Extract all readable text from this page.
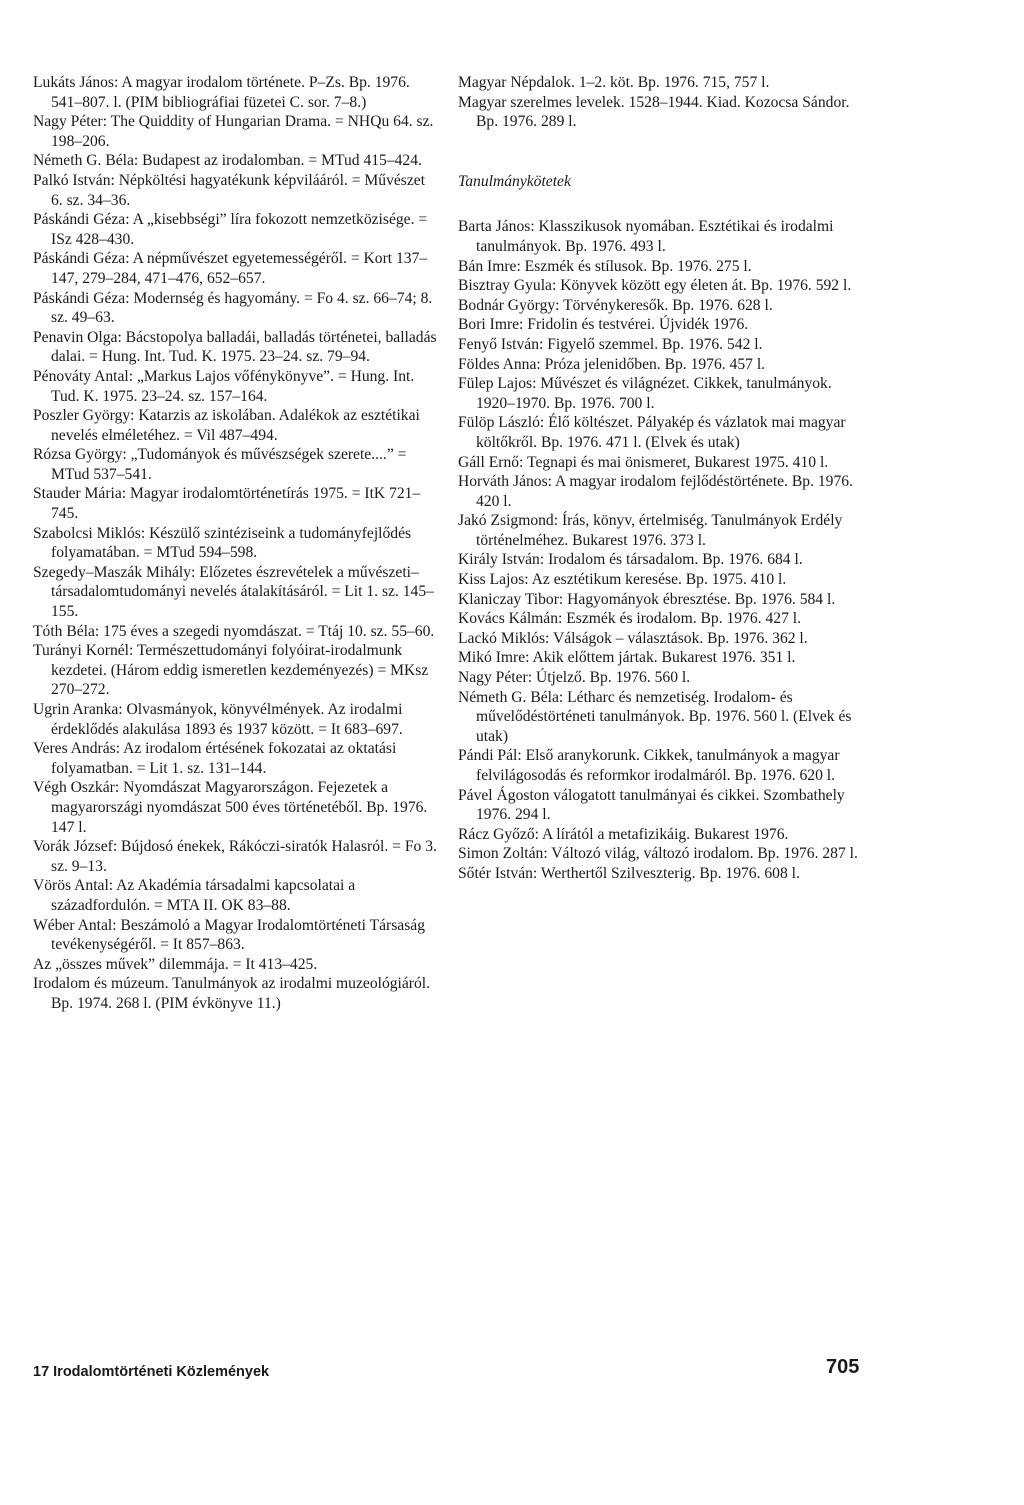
Lukáts János: A magyar irodalom története. P–Zs. Bp. 1976. 541–807. l. (PIM bibliográfiai füzetei C. sor. 7–8.)

Nagy Péter: The Quiddity of Hungarian Drama. = NHQu 64. sz. 198–206.

Németh G. Béla: Budapest az irodalomban. = MTud 415–424.

Palkó István: Népköltési hagyatékunk képvilááról. = Művészet 6. sz. 34–36.

Páskándi Géza: A „kisebbségi” líra fokozott nemzetközisége. = ISz 428–430.

Páskándi Géza: A népművészet egyetemességéről. = Kort 137–147, 279–284, 471–476, 652–657.

Páskándi Géza: Modernség és hagyomány. = Fo 4. sz. 66–74; 8. sz. 49–63.

Penavin Olga: Bácstopolya balladái, balladás történetei, balladás dalai. = Hung. Int. Tud. K. 1975. 23–24. sz. 79–94.

Pénováty Antal: „Markus Lajos vőfénykönyve”. = Hung. Int. Tud. K. 1975. 23–24. sz. 157–164.

Poszler György: Katarzis az iskolában. Adalékok az esztétikai nevelés elméletéhez. = Vil 487–494.

Rózsa György: „Tudományok és művészségek szerete....” = MTud 537–541.

Stauder Mária: Magyar irodalomtörténetírás 1975. = ItK 721–745.

Szabolcsi Miklós: Készülő szintéziseink a tudományfejlődés folyamatában. = MTud 594–598.

Szegedy–Maszák Mihály: Előzetes észrevételek a művészeti–társadalomtudományi nevelés átalakításáról. = Lit 1. sz. 145–155.

Tóth Béla: 175 éves a szegedi nyomdászat. = Ttáj 10. sz. 55–60.

Turányi Kornél: Természettudományi folyóirat-irodalmunk kezdetei. (Három eddig ismeretlen kezdeményezés) = MKsz 270–272.

Ugrin Aranka: Olvasmányok, könyvélmények. Az irodalmi érdeklődés alakulása 1893 és 1937 között. = It 683–697.

Veres András: Az irodalom értésének fokozatai az oktatási folyamatban. = Lit 1. sz. 131–144.

Végh Oszkár: Nyomdászat Magyarországon. Fejezetek a magyarországi nyomdászat 500 éves történetéből. Bp. 1976. 147 l.

Vorák József: Bújdosó énekek, Rákóczi-siratók Halasról. = Fo 3. sz. 9–13.

Vörös Antal: Az Akadémia társadalmi kapcsolatai a századfordulón. = MTA II. OK 83–88.

Wéber Antal: Beszámoló a Magyar Irodalomtörténeti Társaság tevékenységéről. = It 857–863.

Az „összes művek” dilemmája. = It 413–425.

Irodalom és múzeum. Tanulmányok az irodalmi muzeológiáról. Bp. 1974. 268 l. (PIM évkönyve 11.)

Magyar Népdalok. 1–2. köt. Bp. 1976. 715, 757 l.

Magyar szerelmes levelek. 1528–1944. Kiad. Kozocsa Sándor. Bp. 1976. 289 l.

Tanulmánykötetek

Barta János: Klasszikusok nyomában. Esztétikai és irodalmi tanulmányok. Bp. 1976. 493 l.

Bán Imre: Eszmék és stílusok. Bp. 1976. 275 l.

Bisztray Gyula: Könyvek között egy életen át. Bp. 1976. 592 l.

Bodnár György: Törvénykeresők. Bp. 1976. 628 l.

Bori Imre: Fridolin és testvérei. Újvidék 1976.

Fenyő István: Figyelő szemmel. Bp. 1976. 542 l.

Földes Anna: Próza jelenidőben. Bp. 1976. 457 l.

Fülep Lajos: Művészet és világnézet. Cikkek, tanulmányok. 1920–1970. Bp. 1976. 700 l.

Fülöp László: Élő költészet. Pályakép és vázlatok mai magyar költőkről. Bp. 1976. 471 l. (Elvek és utak)

Gáll Ernő: Tegnapi és mai önismeret, Bukarest 1975. 410 l.

Horváth János: A magyar irodalom fejlődéstörténete. Bp. 1976. 420 l.

Jakó Zsigmond: Írás, könyv, értelmiség. Tanulmányok Erdély történelméhez. Bukarest 1976. 373 l.

Király István: Irodalom és társadalom. Bp. 1976. 684 l.

Kiss Lajos: Az esztétikum keresése. Bp. 1975. 410 l.

Klaniczay Tibor: Hagyományok ébresztése. Bp. 1976. 584 l.

Kovács Kálmán: Eszmék és irodalom. Bp. 1976. 427 l.

Lackó Miklós: Válságok – választások. Bp. 1976. 362 l.

Mikó Imre: Akik előttem jártak. Bukarest 1976. 351 l.

Nagy Péter: Útjelző. Bp. 1976. 560 l.

Németh G. Béla: Létharc és nemzetiség. Irodalom- és művelődéstörténeti tanulmányok. Bp. 1976. 560 l. (Elvek és utak)

Pándi Pál: Első aranykorunk. Cikkek, tanulmányok a magyar felvilágosodás és reformkor irodalmáról. Bp. 1976. 620 l.

Pável Ágoston válogatott tanulmányai és cikkei. Szombathely 1976. 294 l.

Rácz Győző: A lírától a metafizikáig. Bukarest 1976.

Simon Zoltán: Változó világ, változó irodalom. Bp. 1976. 287 l.

Sőtér István: Werthertől Szilveszterig. Bp. 1976. 608 l.

17 Irodalomtörténeti Közlemények	705
